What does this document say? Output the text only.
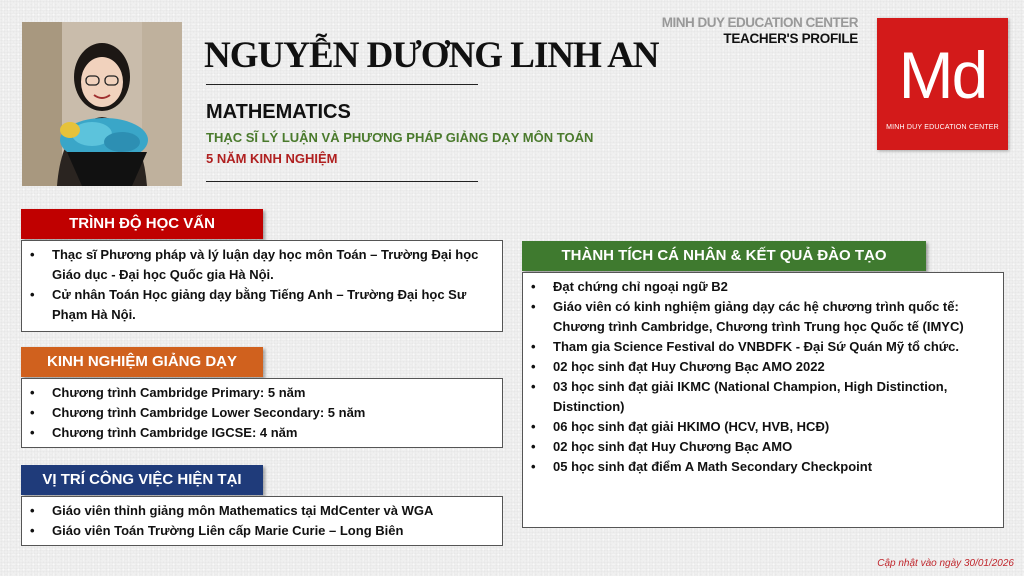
NGUYỄN DƯƠNG LINH AN
MATHEMATICS
THẠC SĨ LÝ LUẬN VÀ PHƯƠNG PHÁP GIẢNG DẠY MÔN TOÁN
5 NĂM KINH NGHIỆM
MINH DUY EDUCATION CENTER
TEACHER'S PROFILE Md
MINH DUY EDUCATION CENTER
TRÌNH ĐỘ HỌC VẤN
• Thạc sĩ Phương pháp và lý luận dạy học môn Toán – Trường Đại học Giáo dục - Đại học Quốc gia Hà Nội.
• Cử nhân Toán Học giảng dạy bằng Tiếng Anh – Trường Đại học Sư Phạm Hà Nội.
KINH NGHIỆM GIẢNG DẠY
• Chương trình Cambridge Primary: 5 năm
• Chương trình Cambridge Lower Secondary: 5 năm
• Chương trình Cambridge IGCSE: 4 năm
VỊ TRÍ CÔNG VIỆC HIỆN TẠI
• Giáo viên thỉnh giảng môn Mathematics tại MdCenter và WGA
• Giáo viên Toán Trường Liên cấp Marie Curie – Long Biên
THÀNH TÍCH CÁ NHÂN & KẾT QUẢ ĐÀO TẠO
• Đạt chứng chỉ ngoại ngữ B2
• Giáo viên có kinh nghiệm giảng dạy các hệ chương trình quốc tế: Chương trình Cambridge, Chương trình Trung học Quốc tế (IMYC)
• Tham gia Science Festival do VNBDFK - Đại Sứ Quán Mỹ tổ chức.
• 02 học sinh đạt Huy Chương Bạc AMO 2022
• 03 học sinh đạt giải IKMC (National Champion, High Distinction, Distinction)
• 06 học sinh đạt giải HKIMO (HCV, HVB, HCĐ)
• 02 học sinh đạt Huy Chương Bạc AMO
• 05 học sinh đạt điểm A Math Secondary Checkpoint
Cập nhật vào ngày 30/01/2026
